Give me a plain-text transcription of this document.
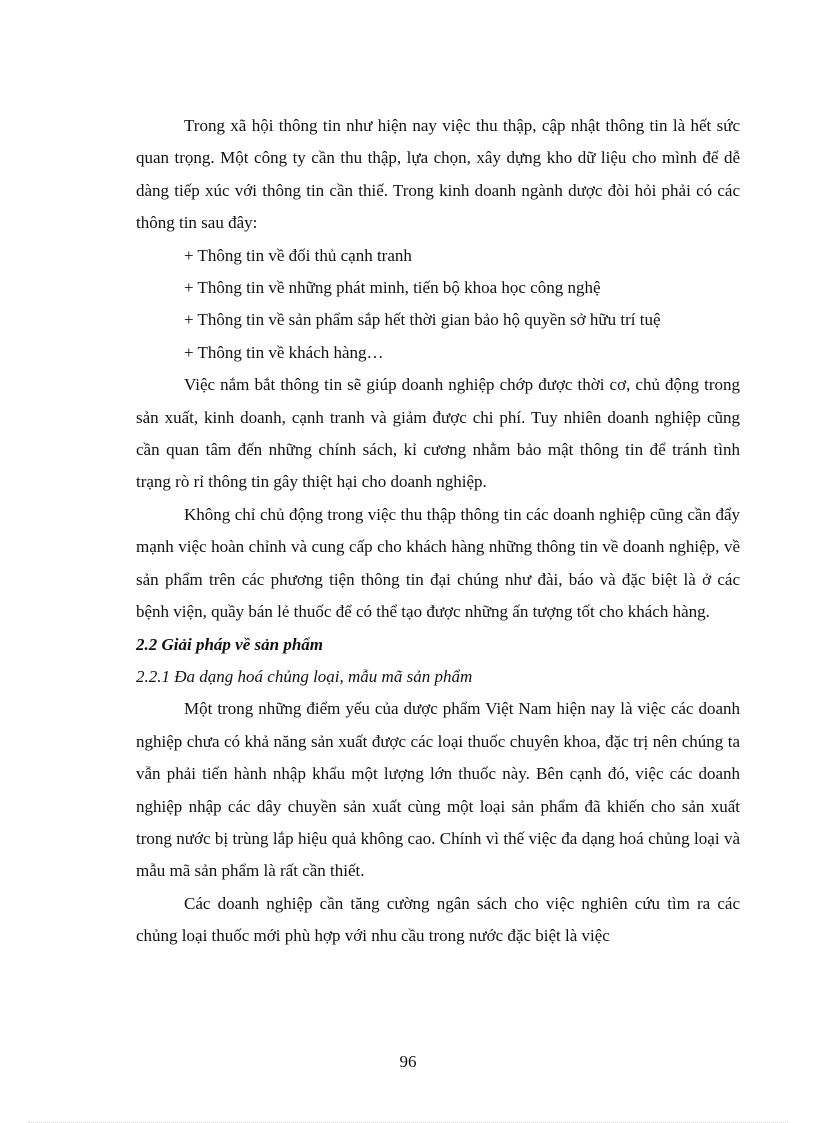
Trong xã hội thông tin như hiện nay việc thu thập, cập nhật thông tin là hết sức quan trọng. Một công ty cần thu thập, lựa chọn, xây dựng kho dữ liệu cho mình để dễ dàng tiếp xúc với thông tin cần thiế. Trong kinh doanh ngành dược đòi hỏi phải có các thông tin sau đây:

+ Thông tin về đối thủ cạnh tranh

+ Thông tin về những phát minh, tiến bộ khoa học công nghệ

+ Thông tin về sản phẩm sắp hết thời gian bảo hộ quyền sở hữu trí tuệ

+ Thông tin về khách hàng…

Việc nắm bắt thông tin sẽ giúp doanh nghiệp chớp được thời cơ, chủ động trong sản xuất, kinh doanh, cạnh tranh và giảm được chi phí. Tuy nhiên doanh nghiệp cũng cần quan tâm đến những chính sách, kỉ cương nhằm bảo mật thông tin để tránh tình trạng rò rỉ thông tin gây thiệt hại cho doanh nghiệp.

Không chỉ chủ động trong việc thu thập thông tin các doanh nghiệp cũng cần đẩy mạnh việc hoàn chỉnh và cung cấp cho khách hàng những thông tin về doanh nghiệp, về sản phẩm trên các phương tiện thông tin đại chúng như đài, báo và đặc biệt là ở các bệnh viện, quầy bán lẻ thuốc để có thể tạo được những ấn tượng tốt cho khách hàng.

2.2 Giải pháp về sản phẩm
2.2.1 Đa dạng hoá chủng loại, mẫu mã sản phẩm

Một trong những điểm yếu của dược phẩm Việt Nam hiện nay là việc các doanh nghiệp chưa có khả năng sản xuất được các loại thuốc chuyên khoa, đặc trị nên chúng ta vẫn phải tiến hành nhập khẩu một lượng lớn thuốc này. Bên cạnh đó, việc các doanh nghiệp nhập các dây chuyền sản xuất cùng một loại sản phẩm đã khiến cho sản xuất trong nước bị trùng lắp hiệu quả không cao. Chính vì thế việc đa dạng hoá chủng loại và mẫu mã sản phẩm là rất cần thiết.

Các doanh nghiệp cần tăng cường ngân sách cho việc nghiên cứu tìm ra các chủng loại thuốc mới phù hợp với nhu cầu trong nước đặc biệt là việc

96
